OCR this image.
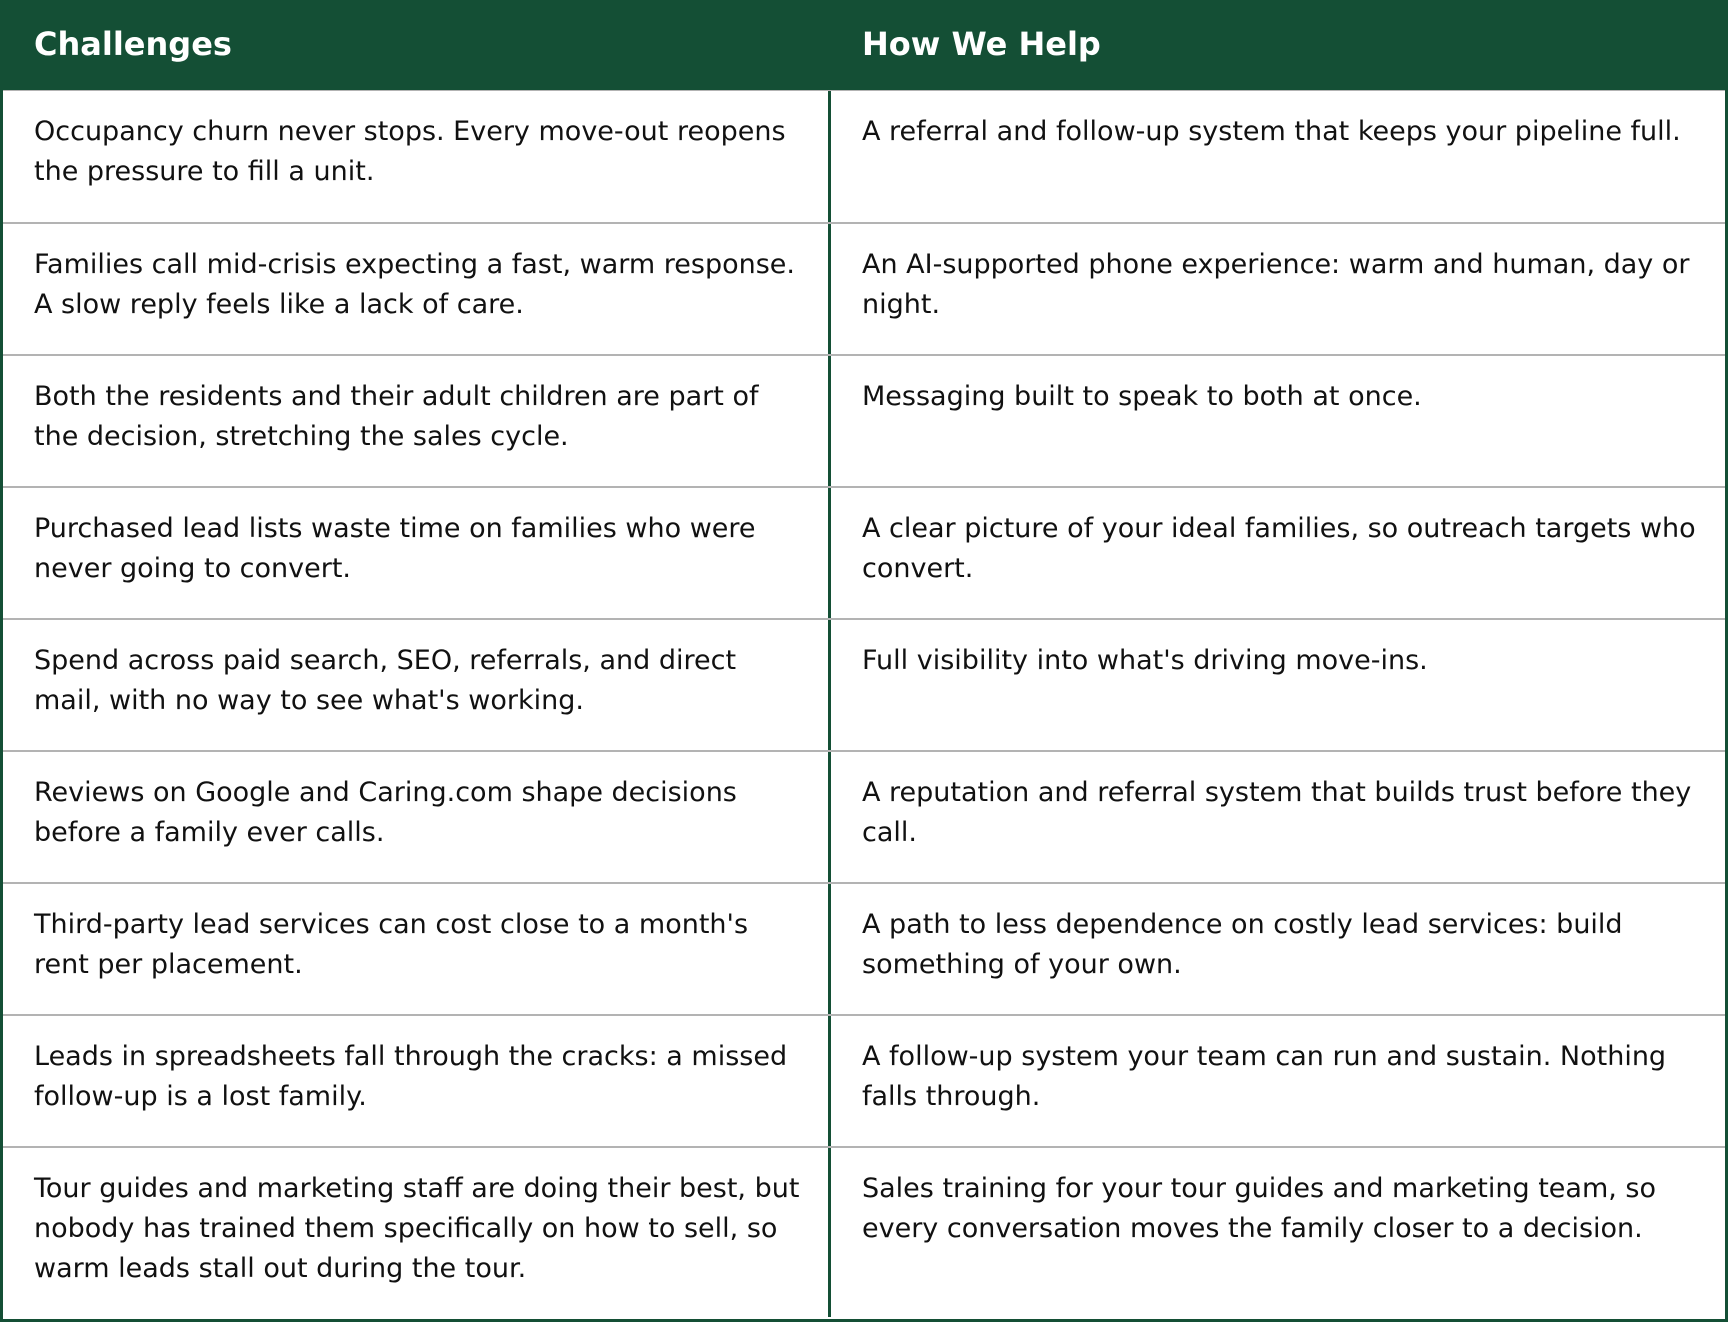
Challenges	How We Help
Occupancy churn never stops. Every move-out reopens the pressure to fill a unit.
A referral and follow-up system that keeps your pipeline full.
Families call mid-crisis expecting a fast, warm response. A slow reply feels like a lack of care.
An AI-supported phone experience: warm and human, day or night.
Both the residents and their adult children are part of the decision, stretching the sales cycle.
Messaging built to speak to both at once.
Purchased lead lists waste time on families who were never going to convert.
A clear picture of your ideal families, so outreach targets who convert.
Spend across paid search, SEO, referrals, and direct mail, with no way to see what's working.
Full visibility into what's driving move-ins.
Reviews on Google and Caring.com shape decisions before a family ever calls.
A reputation and referral system that builds trust before they call.
Third-party lead services can cost close to a month's rent per placement.
A path to less dependence on costly lead services: build something of your own.
Leads in spreadsheets fall through the cracks: a missed follow-up is a lost family.
A follow-up system your team can run and sustain. Nothing falls through.
Tour guides and marketing staff are doing their best, but nobody has trained them specifically on how to sell, so warm leads stall out during the tour.
Sales training for your tour guides and marketing team, so every conversation moves the family closer to a decision.
